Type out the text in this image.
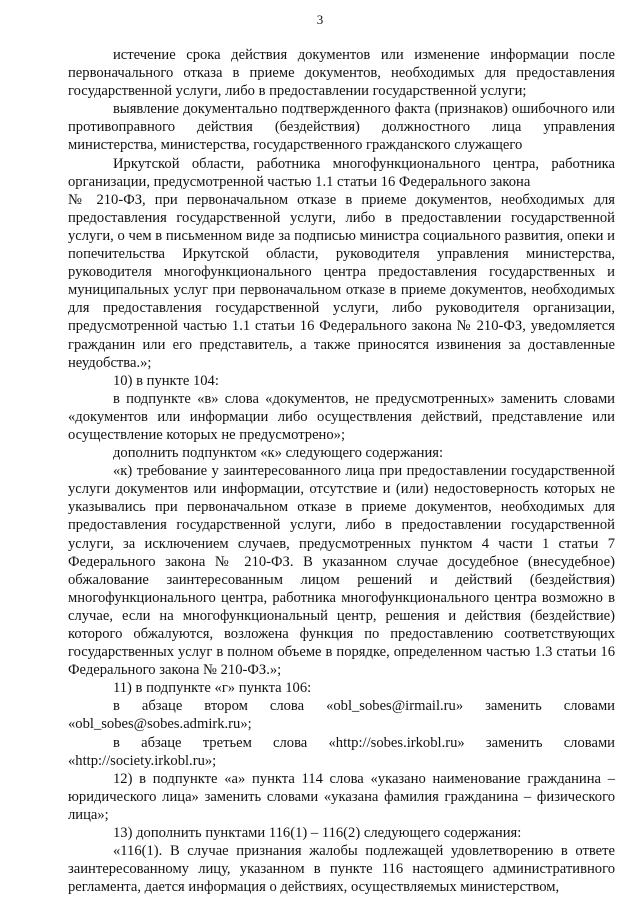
3

истечение срока действия документов или изменение информации после первоначального отказа в приеме документов, необходимых для предоставления государственной услуги, либо в предоставлении государственной услуги;

выявление документально подтвержденного факта (признаков) ошибочного или противоправного действия (бездействия) должностного лица управления министерства, министерства, государственного гражданского служащего

Иркутской области, работника многофункционального центра, работника организации, предусмотренной частью 1.1 статьи 16 Федерального закона

№ 210-ФЗ, при первоначальном отказе в приеме документов, необходимых для предоставления государственной услуги, либо в предоставлении государственной услуги, о чем в письменном виде за подписью министра социального развития, опеки и попечительства Иркутской области, руководителя управления министерства, руководителя многофункционального центра предоставления государственных и муниципальных услуг при первоначальном отказе в приеме документов, необходимых для предоставления государственной услуги, либо руководителя организации, предусмотренной частью 1.1 статьи 16 Федерального закона № 210-ФЗ, уведомляется гражданин или его представитель, а также приносятся извинения за доставленные неудобства.»;

10) в пункте 104:

в подпункте «в» слова «документов, не предусмотренных» заменить словами «документов или информации либо осуществления действий, представление или осуществление которых не предусмотрено»;

дополнить подпунктом «к» следующего содержания:

«к) требование у заинтересованного лица при предоставлении государственной услуги документов или информации, отсутствие и (или) недостоверность которых не указывались при первоначальном отказе в приеме документов, необходимых для предоставления государственной услуги, либо в предоставлении государственной услуги, за исключением случаев, предусмотренных пунктом 4 части 1 статьи 7 Федерального закона № 210-ФЗ. В указанном случае досудебное (внесудебное) обжалование заинтересованным лицом решений и действий (бездействия) многофункционального центра, работника многофункционального центра возможно в случае, если на многофункциональный центр, решения и действия (бездействие) которого обжалуются, возложена функция по предоставлению соответствующих государственных услуг в полном объеме в порядке, определенном частью 1.3 статьи 16 Федерального закона № 210-ФЗ.»;

11) в подпункте «г» пункта 106:

в абзаце втором слова «obl_sobes@irmail.ru» заменить словами «obl_sobes@sobes.admirk.ru»;

в абзаце третьем слова «http://sobes.irkobl.ru» заменить словами «http://society.irkobl.ru»;

12) в подпункте «а» пункта 114 слова «указано наименование гражданина – юридического лица» заменить словами «указана фамилия гражданина – физического лица»;

13) дополнить пунктами 116(1) – 116(2) следующего содержания:

«116(1). В случае признания жалобы подлежащей удовлетворению в ответе заинтересованному лицу, указанном в пункте 116 настоящего административного регламента, дается информация о действиях, осуществляемых министерством,
